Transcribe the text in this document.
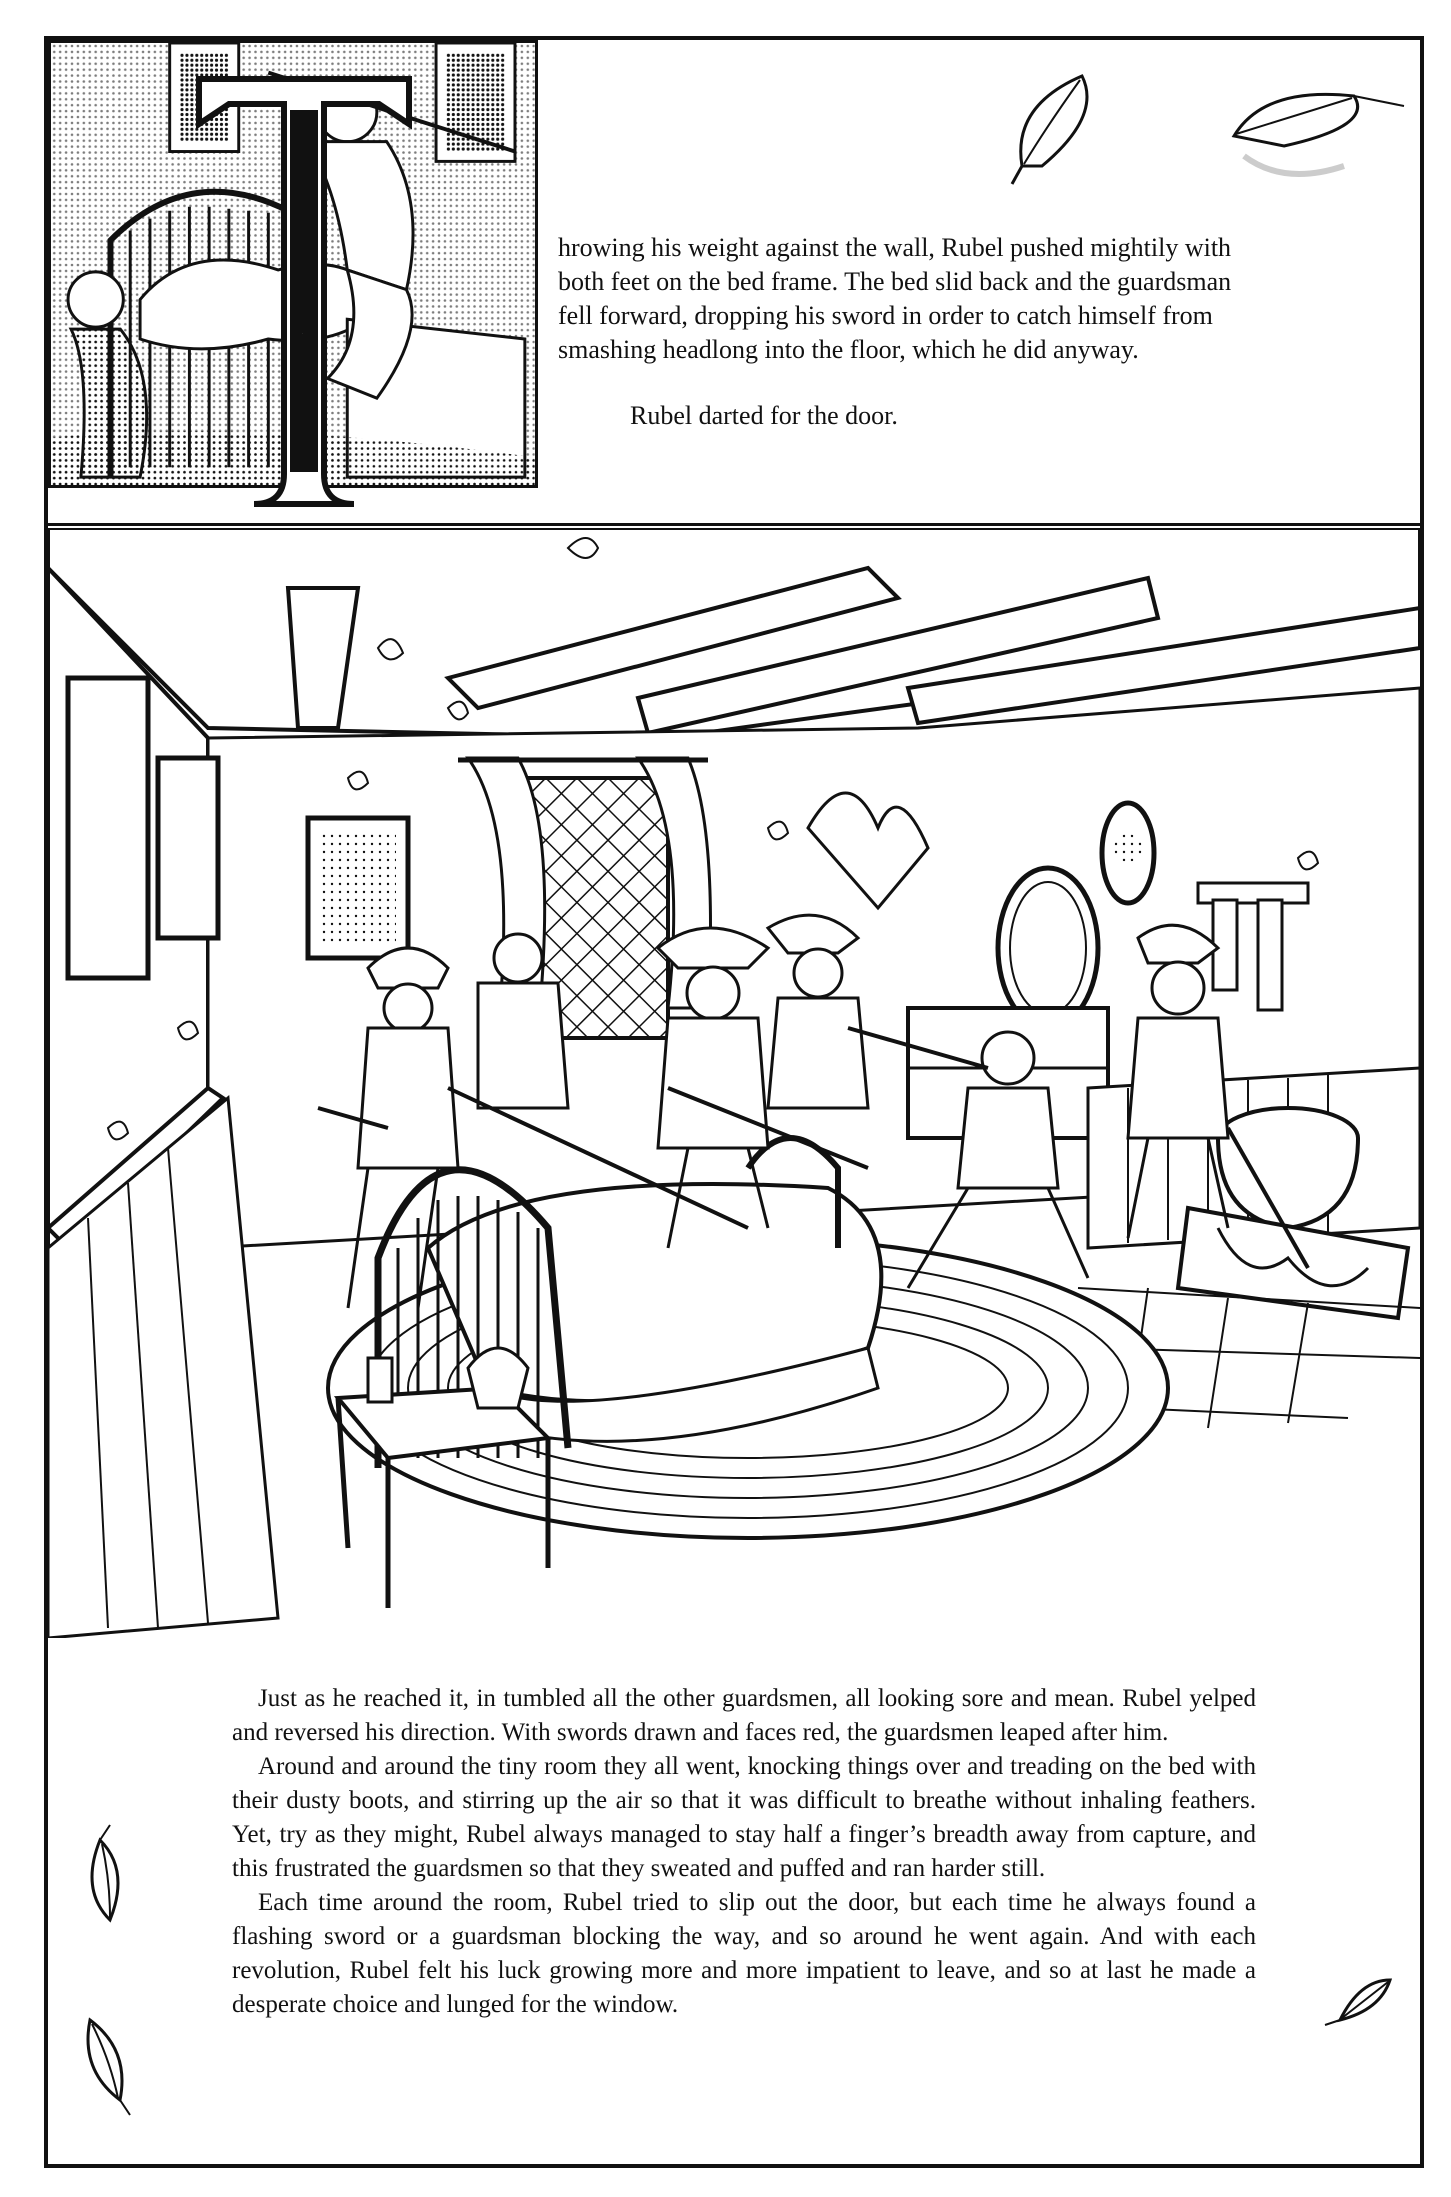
T

hrowing his weight against the wall, Rubel pushed mightily with both feet on the bed frame. The bed slid back and the guardsman fell forward, dropping his sword in order to catch himself from smashing headlong into the floor, which he did anyway.

Rubel darted for the door.

Just as he reached it, in tumbled all the other guardsmen, all looking sore and mean. Rubel yelped and reversed his direction. With swords drawn and faces red, the guardsmen leaped after him.

Around and around the tiny room they all went, knocking things over and treading on the bed with their dusty boots, and stirring up the air so that it was difficult to breathe without inhaling feathers. Yet, try as they might, Rubel always managed to stay half a finger’s breadth away from capture, and this frustrated the guardsmen so that they sweated and puffed and ran harder still.

Each time around the room, Rubel tried to slip out the door, but each time he always found a flashing sword or a guardsman blocking the way, and so around he went again. And with each revolution, Rubel felt his luck growing more and more impatient to leave, and so at last he made a desperate choice and lunged for the window.
